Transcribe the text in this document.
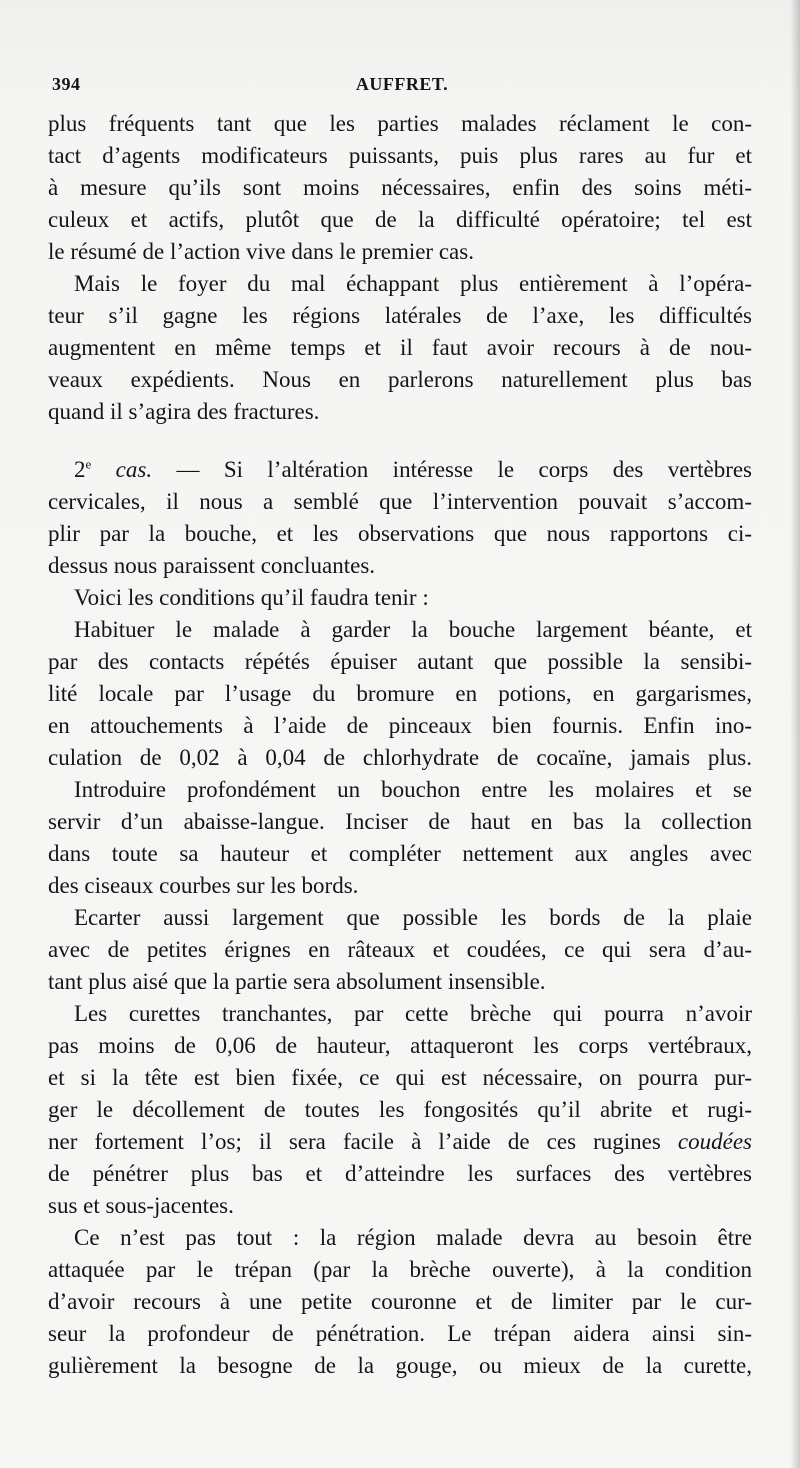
394	AUFFRET.
plus fréquents tant que les parties malades réclament le con-
tact d’agents modificateurs puissants, puis plus rares au fur et
à mesure qu’ils sont moins nécessaires, enfin des soins méti-
culeux et actifs, plutôt que de la difficulté opératoire; tel est
le résumé de l’action vive dans le premier cas.
Mais le foyer du mal échappant plus entièrement à l’opéra-
teur s’il gagne les régions latérales de l’axe, les difficultés
augmentent en même temps et il faut avoir recours à de nou-
veaux expédients. Nous en parlerons naturellement plus bas
quand il s’agira des fractures.
2e cas. — Si l’altération intéresse le corps des vertèbres
cervicales, il nous a semblé que l’intervention pouvait s’accom-
plir par la bouche, et les observations que nous rapportons ci-
dessus nous paraissent concluantes.
Voici les conditions qu’il faudra tenir :
Habituer le malade à garder la bouche largement béante, et
par des contacts répétés épuiser autant que possible la sensibi-
lité locale par l’usage du bromure en potions, en gargarismes,
en attouchements à l’aide de pinceaux bien fournis. Enfin ino-
culation de 0,02 à 0,04 de chlorhydrate de cocaïne, jamais plus.
Introduire profondément un bouchon entre les molaires et se
servir d’un abaisse-langue. Inciser de haut en bas la collection
dans toute sa hauteur et compléter nettement aux angles avec
des ciseaux courbes sur les bords.
Ecarter aussi largement que possible les bords de la plaie
avec de petites érignes en râteaux et coudées, ce qui sera d’au-
tant plus aisé que la partie sera absolument insensible.
Les curettes tranchantes, par cette brèche qui pourra n’avoir
pas moins de 0,06 de hauteur, attaqueront les corps vertébraux,
et si la tête est bien fixée, ce qui est nécessaire, on pourra pur-
ger le décollement de toutes les fongosités qu’il abrite et rugi-
ner fortement l’os; il sera facile à l’aide de ces rugines coudées
de pénétrer plus bas et d’atteindre les surfaces des vertèbres
sus et sous-jacentes.
Ce n’est pas tout : la région malade devra au besoin être
attaquée par le trépan (par la brèche ouverte), à la condition
d’avoir recours à une petite couronne et de limiter par le cur-
seur la profondeur de pénétration. Le trépan aidera ainsi sin-
gulièrement la besogne de la gouge, ou mieux de la curette,
